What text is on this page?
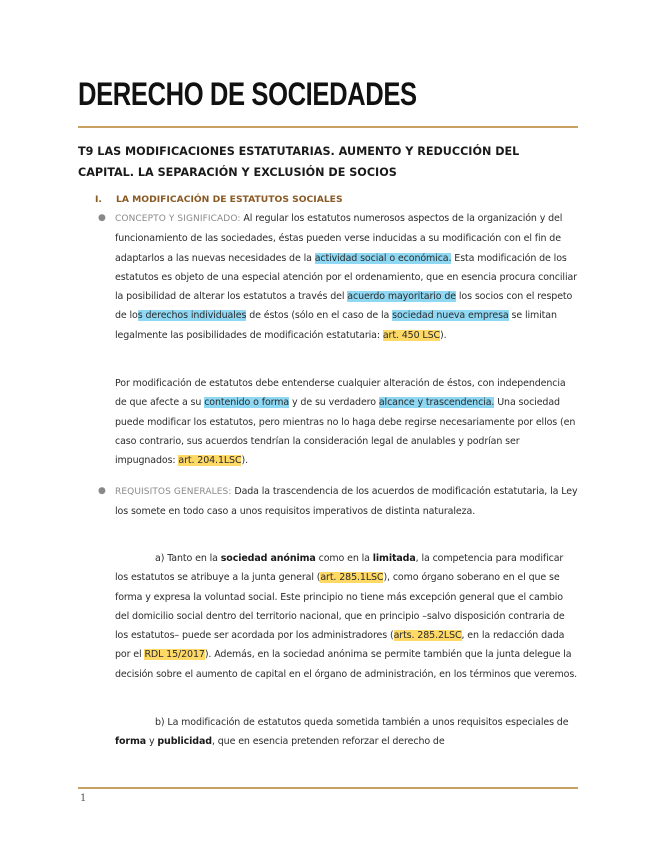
DERECHO DE SOCIEDADES
T9 LAS MODIFICACIONES ESTATUTARIAS. AUMENTO Y REDUCCIÓN DEL CAPITAL. LA SEPARACIÓN Y EXCLUSIÓN DE SOCIOS
I. LA MODIFICACIÓN DE ESTATUTOS SOCIALES

● CONCEPTO Y SIGNIFICADO: Al regular los estatutos numerosos aspectos de la organización y del funcionamiento de las sociedades, éstas pueden verse inducidas a su modificación con el fin de adaptarlos a las nuevas necesidades de la actividad social o económica. Esta modificación de los estatutos es objeto de una especial atención por el ordenamiento, que en esencia procura conciliar la posibilidad de alterar los estatutos a través del acuerdo mayoritario de los socios con el respeto de los derechos individuales de éstos (sólo en el caso de la sociedad nueva empresa se limitan legalmente las posibilidades de modificación estatutaria: art. 450 LSC).

Por modificación de estatutos debe entenderse cualquier alteración de éstos, con independencia de que afecte a su contenido o forma y de su verdadero alcance y trascendencia. Una sociedad puede modificar los estatutos, pero mientras no lo haga debe regirse necesariamente por ellos (en caso contrario, sus acuerdos tendrían la consideración legal de anulables y podrían ser impugnados: art. 204.1LSC).

● REQUISITOS GENERALES: Dada la trascendencia de los acuerdos de modificación estatutaria, la Ley los somete en todo caso a unos requisitos imperativos de distinta naturaleza.

a) Tanto en la sociedad anónima como en la limitada, la competencia para modificar los estatutos se atribuye a la junta general (art. 285.1LSC), como órgano soberano en el que se forma y expresa la voluntad social. Este principio no tiene más excepción general que el cambio del domicilio social dentro del territorio nacional, que en principio –salvo disposición contraria de los estatutos– puede ser acordada por los administradores (arts. 285.2LSC, en la redacción dada por el RDL 15/2017). Además, en la sociedad anónima se permite también que la junta delegue la decisión sobre el aumento de capital en el órgano de administración, en los términos que veremos.

b) La modificación de estatutos queda sometida también a unos requisitos especiales de forma y publicidad, que en esencia pretenden reforzar el derecho de

1
